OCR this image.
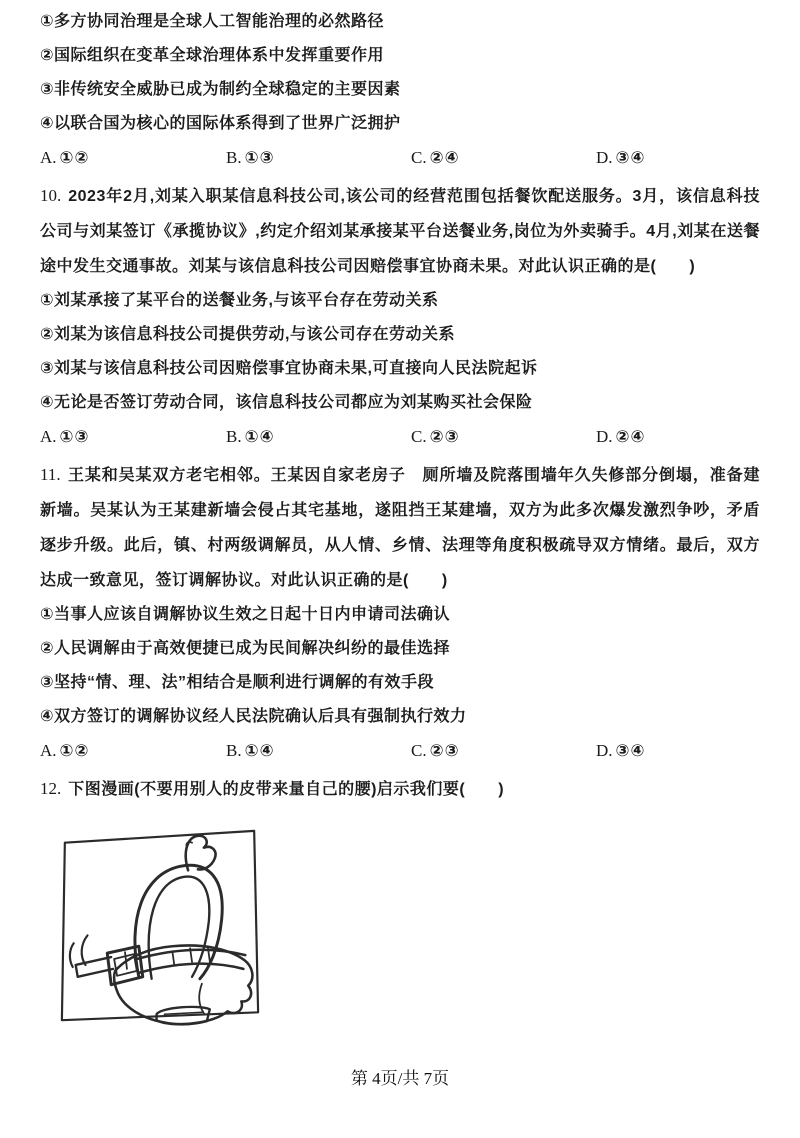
①多方协同治理是全球人工智能治理的必然路径
②国际组织在变革全球治理体系中发挥重要作用
③非传统安全威胁已成为制约全球稳定的主要因素
④以联合国为核心的国际体系得到了世界广泛拥护
A. ①②	B. ①③	C. ②④	D. ③④

10. 2023年2月,刘某入职某信息科技公司,该公司的经营范围包括餐饮配送服务。3月，该信息科技公司与刘某签订《承揽协议》,约定介绍刘某承接某平台送餐业务,岗位为外卖骑手。4月,刘某在送餐途中发生交通事故。刘某与该信息科技公司因赔偿事宜协商未果。对此认识正确的是(　　)

①刘某承接了某平台的送餐业务,与该平台存在劳动关系
②刘某为该信息科技公司提供劳动,与该公司存在劳动关系
③刘某与该信息科技公司因赔偿事宜协商未果,可直接向人民法院起诉
④无论是否签订劳动合同，该信息科技公司都应为刘某购买社会保险
A. ①③	B. ①④	C. ②③	D. ②④

11. 王某和吴某双方老宅相邻。王某因自家老房子　厕所墙及院落围墙年久失修部分倒塌，准备建新墙。吴某认为王某建新墙会侵占其宅基地，遂阻挡王某建墙，双方为此多次爆发激烈争吵，矛盾逐步升级。此后，镇、村两级调解员，从人情、乡情、法理等角度积极疏导双方情绪。最后，双方达成一致意见，签订调解协议。对此认识正确的是(　　)

①当事人应该自调解协议生效之日起十日内申请司法确认
②人民调解由于高效便捷已成为民间解决纠纷的最佳选择
③坚持“情、理、法”相结合是顺利进行调解的有效手段
④双方签订的调解协议经人民法院确认后具有强制执行效力
A. ①②	B. ①④	C. ②③	D. ③④

12. 下图漫画(不要用别人的皮带来量自己的腰)启示我们要(　　)

第 4页/共 7页
